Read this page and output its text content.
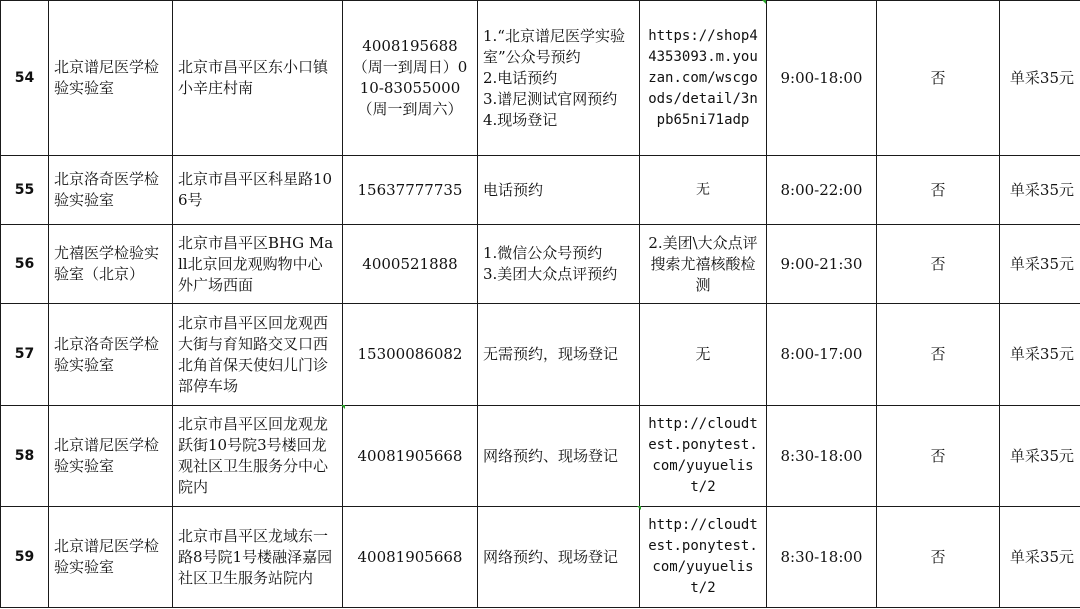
54	北京谱尼医学检验实验室	北京市昌平区东小口镇小辛庄村南	4008195688（周一到周日）010-83055000（周一到周六）	1.“北京谱尼医学实验室”公众号预约
2.电话预约
3.谱尼测试官网预约
4.现场登记	https://shop44353093.m.youzan.com/wscgoods/detail/3npb65ni71adp	9:00-18:00	否	单采35元
55	北京洛奇医学检验实验室	北京市昌平区科星路106号	15637777735	电话预约	无	8:00-22:00	否	单采35元
56	尤禧医学检验实验室（北京）	北京市昌平区BHG Mall北京回龙观购物中心外广场西面	4000521888	1.微信公众号预约
3.美团大众点评预约	2.美团\大众点评搜索尤禧核酸检测	9:00-21:30	否	单采35元
57	北京洛奇医学检验实验室	北京市昌平区回龙观西大街与育知路交叉口西北角首保天使妇儿门诊部停车场	15300086082	无需预约，现场登记	无	8:00-17:00	否	单采35元
58	北京谱尼医学检验实验室	北京市昌平区回龙观龙跃街10号院3号楼回龙观社区卫生服务分中心院内	40081905668	网络预约、现场登记	http://cloudtest.ponytest.com/yuyuelist/2	8:30-18:00	否	单采35元
59	北京谱尼医学检验实验室	北京市昌平区龙域东一路8号院1号楼融泽嘉园社区卫生服务站院内	40081905668	网络预约、现场登记	http://cloudtest.ponytest.com/yuyuelist/2	8:30-18:00	否	单采35元
